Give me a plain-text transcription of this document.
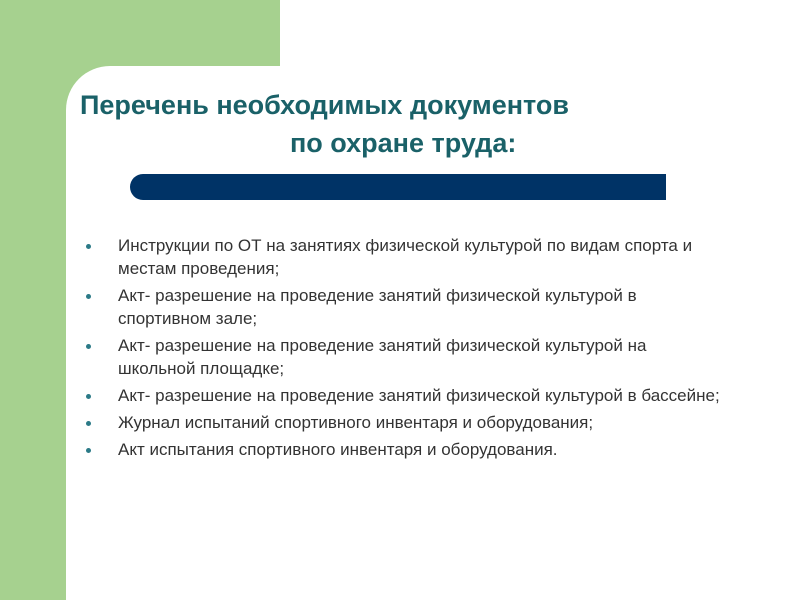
Перечень необходимых документов
по охране труда:
Инструкции по ОТ на занятиях физической культурой по видам спорта и местам проведения;
Акт- разрешение на проведение занятий физической культурой в спортивном зале;
Акт- разрешение на проведение занятий физической культурой на школьной площадке;
Акт- разрешение на проведение занятий физической культурой в бассейне;
Журнал испытаний спортивного инвентаря и оборудования;
Акт испытания спортивного инвентаря и оборудования.
